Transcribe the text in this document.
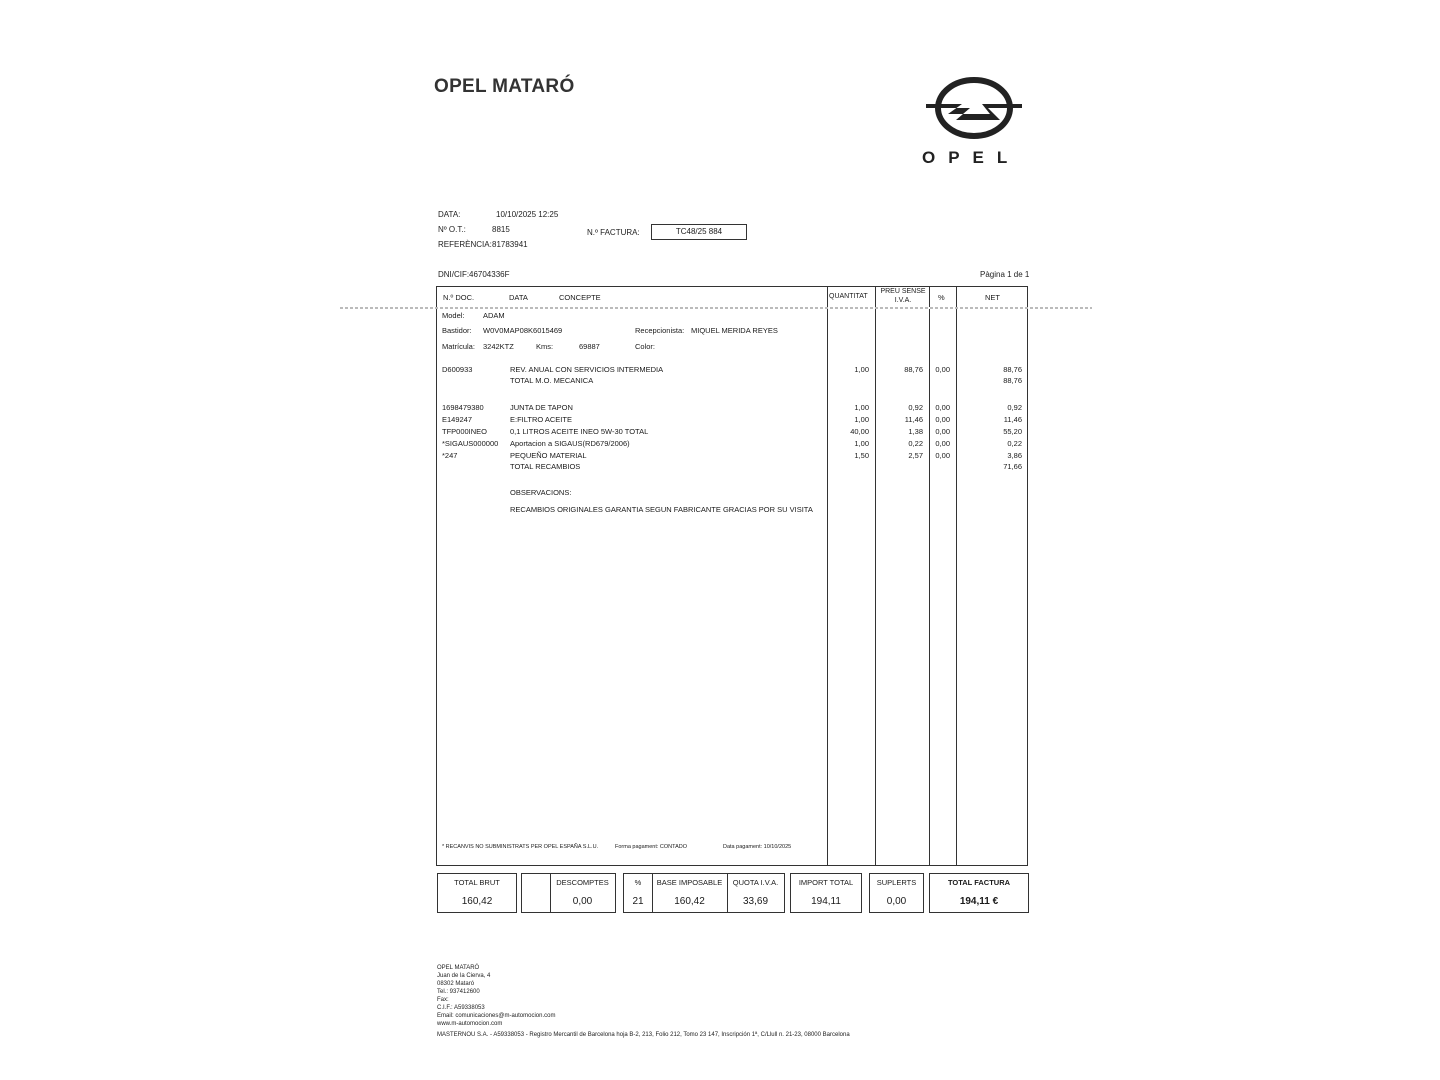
OPEL MATARÓ
OPEL
DATA:	10/10/2025 12:25
Nº O.T.:	8815
REFERÈNCIA: 81783941
N.º FACTURA:	TC48/25 884
DNI/CIF: 46704336F	Pàgina 1 de 1
N.º DOC.	DATA	CONCEPTE	QUANTITAT
PREU SENSE
I.V.A.	%	NET
Model: ADAM
Bastidor: W0V0MAP08K6015469	Recepcionista: MIQUEL MERIDA REYES
Matrícula: 3242KTZ	Kms:	69887	Color:
D600933	REV. ANUAL CON SERVICIOS INTERMEDIA	1,00	88,76	0,00	88,76
TOTAL M.O. MECANICA	88,76
1698479380	JUNTA DE TAPON	1,00	0,92	0,00	0,92
E149247	E:FILTRO ACEITE	1,00	11,46	0,00	11,46
TFP000INEO	0,1 LITROS ACEITE INEO 5W-30 TOTAL	40,00	1,38	0,00	55,20
*SIGAUS000000 Aportacion a SIGAUS(RD679/2006)	1,00	0,22	0,00	0,22
*247	PEQUEÑO MATERIAL	1,50	2,57	0,00	3,86
TOTAL RECAMBIOS	71,66
OBSERVACIONS:
RECAMBIOS ORIGINALES GARANTIA SEGUN FABRICANTE GRACIAS POR SU VISITA
* RECANVIS NO SUBMINISTRATS PER OPEL ESPAÑA S.L.U.	Forma pagament: CONTADO	Data pagament: 10/10/2025
TOTAL BRUT
160,42
DESCOMPTES
0,00
%
21
BASE IMPOSABLE
160,42
QUOTA I.V.A.
33,69
IMPORT TOTAL
194,11
SUPLERTS
0,00
TOTAL FACTURA
194,11 €
OPEL MATARÓ
Juan de la Cierva, 4
08302 Mataró
Tel.: 937412600
Fax:
C.I.F.: A59338053
Email: comunicaciones@m-automocion.com
www.m-automocion.com
MASTERNOU S.A. - A59338053 - Registro Mercantil de Barcelona hoja B-2, 213, Folio 212, Tomo 23 147, Inscripción 1ª, C/Llull n. 21-23, 08000 Barcelona
